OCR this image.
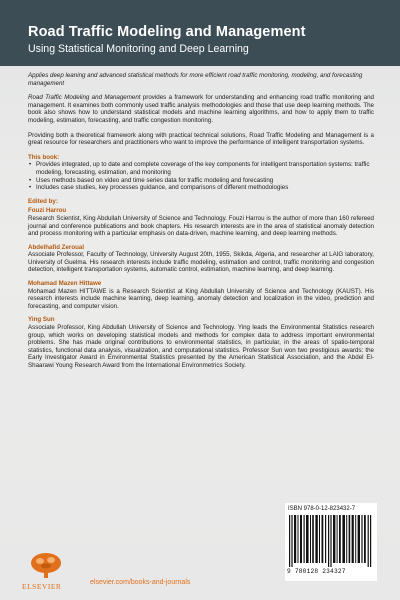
Road Traffic Modeling and Management
Using Statistical Monitoring and Deep Learning
Applies deep leaning and advanced statistical methods for more efficient road traffic monitoring, modeling, and forecasting management
Road Traffic Modeling and Management provides a framework for understanding and enhancing road traffic monitoring and management. It examines both commonly used traffic analysis methodologies and those that use deep learning methods. The book also shows how to understand statistical models and machine learning algorithms, and how to apply them to traffic modeling, estimation, forecasting, and traffic congestion monitoring.
Providing both a theoretical framework along with practical technical solutions, Road Traffic Modeling and Management is a great resource for researchers and practitioners who want to improve the performance of intelligent transportation systems.
This book:
• Provides integrated, up to date and complete coverage of the key components for intelligent transportation systems: traffic modeling, forecasting, estimation, and monitoring
• Uses methods based on video and time series data for traffic modeling and forecasting
• Includes case studies, key processes guidance, and comparisons of different methodologies
Edited by:
Fouzi Harrou
Research Scientist, King Abdullah University of Science and Technology. Fouzi Harrou is the author of more than 160 refereed journal and conference publications and book chapters. His research interests are in the area of statistical anomaly detection and process monitoring with a particular emphasis on data-driven, machine learning, and deep learning methods.
Abdelhafid Zeroual
Associate Professor, Faculty of Technology, University August 20th, 1955, Skikda, Algeria, and researcher at LAIG laboratory, University of Guelma. His research interests include traffic modeling, estimation and control, traffic monitoring and congestion detection, intelligent transportation systems, automatic control, estimation, machine learning, and deep learning.
Mohamad Mazen Hittawe
Mohamad Mazen HITTAWE is a Research Scientist at King Abdullah University of Science and Technology (KAUST). His research interests include machine learning, deep learning, anomaly detection and localization in the video, prediction and forecasting, and computer vision.
Ying Sun
Associate Professor, King Abdullah University of Science and Technology. Ying leads the Environmental Statistics research group, which works on developing statistical models and methods for complex data to address important environmental problems. She has made original contributions to environmental statistics, in particular, in the areas of spatio-temporal statistics, functional data analysis, visualization, and computational statistics. Professor Sun won two prestigious awards: the Early Investigator Award in Environmental Statistics presented by the American Statistical Association, and the Abdel El-Shaarawi Young Research Award from the International Environmetrics Society.
ELSEVIER	elsevier.com/books-and-journals
ISBN 978-0-12-823432-7
9 780128 234327
